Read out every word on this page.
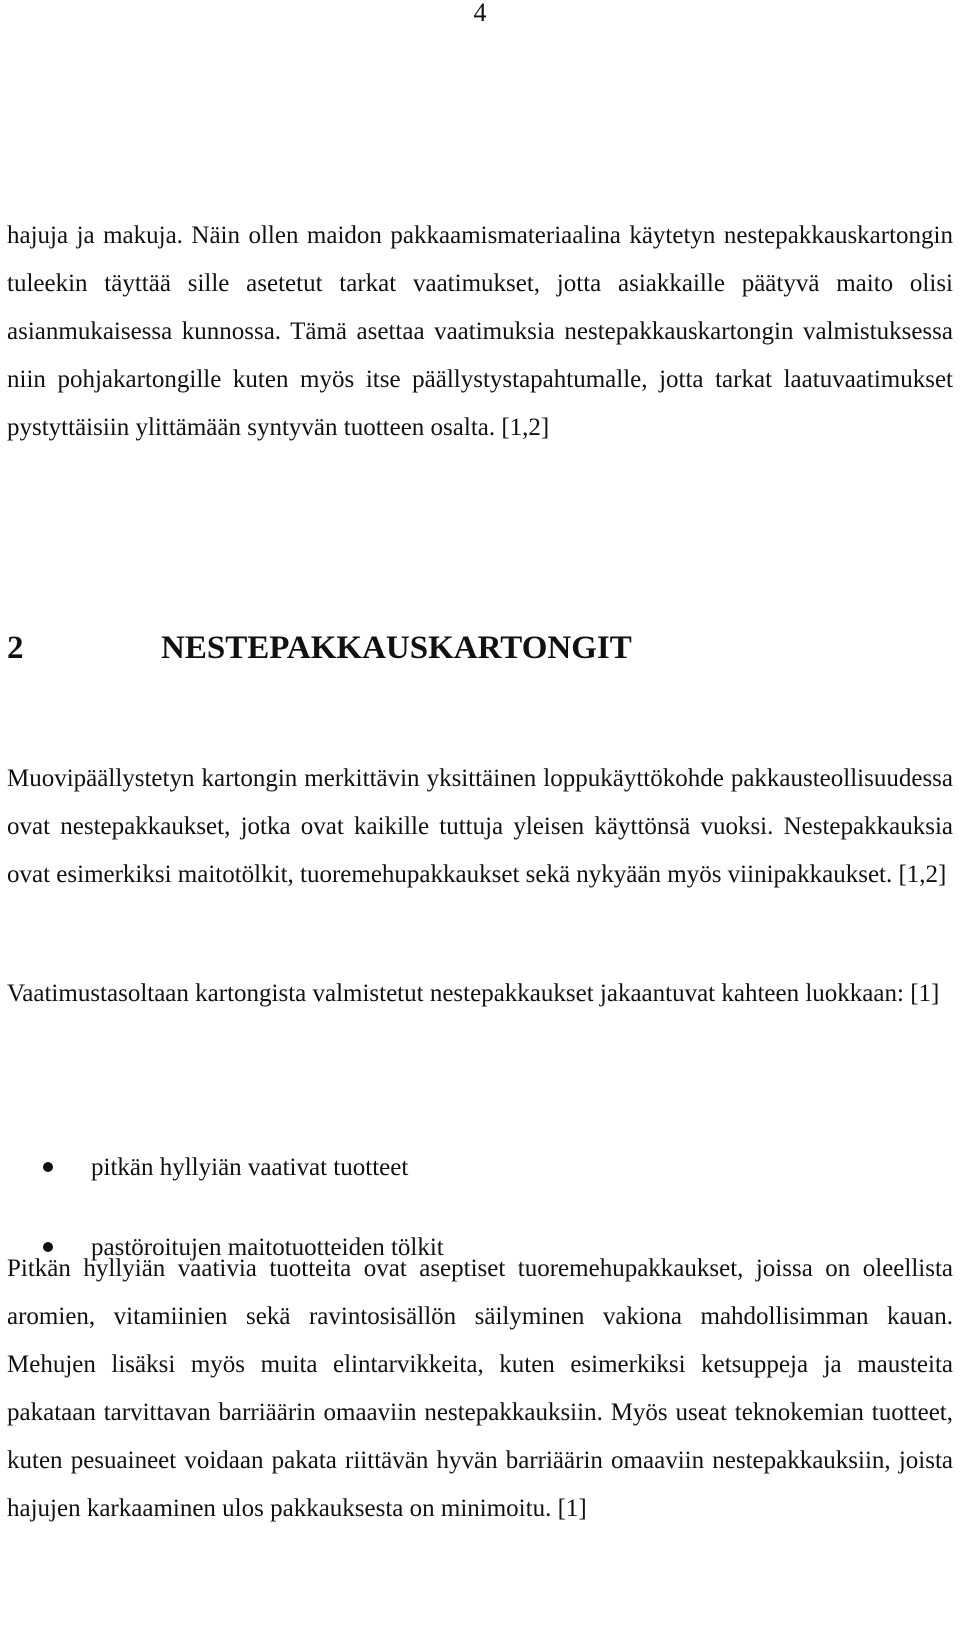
4

hajuja ja makuja. Näin ollen maidon pakkaamismateriaalina käytetyn nestepakkauskartongin tuleekin täyttää sille asetetut tarkat vaatimukset, jotta asiakkaille päätyvä maito olisi asianmukaisessa kunnossa. Tämä asettaa vaatimuksia nestepakkauskartongin valmistuksessa niin pohjakartongille kuten myös itse päällystystapahtumalle, jotta tarkat laatuvaatimukset pystyttäisiin ylittämään syntyvän tuotteen osalta. [1,2]

2	NESTEPAKKAUSKARTONGIT

Muovipäällystetyn kartongin merkittävin yksittäinen loppukäyttökohde pakkausteollisuudessa ovat nestepakkaukset, jotka ovat kaikille tuttuja yleisen käyttönsä vuoksi. Nestepakkauksia ovat esimerkiksi maitotölkit, tuoremehupakkaukset sekä nykyään myös viinipakkaukset. [1,2]

Vaatimustasoltaan kartongista valmistetut nestepakkaukset jakaantuvat kahteen luokkaan: [1]

pitkän hyllyiän vaativat tuotteet
pastöroitujen maitotuotteiden tölkit

Pitkän hyllyiän vaativia tuotteita ovat aseptiset tuoremehupakkaukset, joissa on oleellista aromien, vitamiinien sekä ravintosisällön säilyminen vakiona mahdollisimman kauan. Mehujen lisäksi myös muita elintarvikkeita, kuten esimerkiksi ketsuppeja ja mausteita pakataan tarvittavan barriäärin omaaviin nestepakkauksiin. Myös useat teknokemian tuotteet, kuten pesuaineet voidaan pakata riittävän hyvän barriäärin omaaviin nestepakkauksiin, joista hajujen karkaaminen ulos pakkauksesta on minimoitu. [1]
